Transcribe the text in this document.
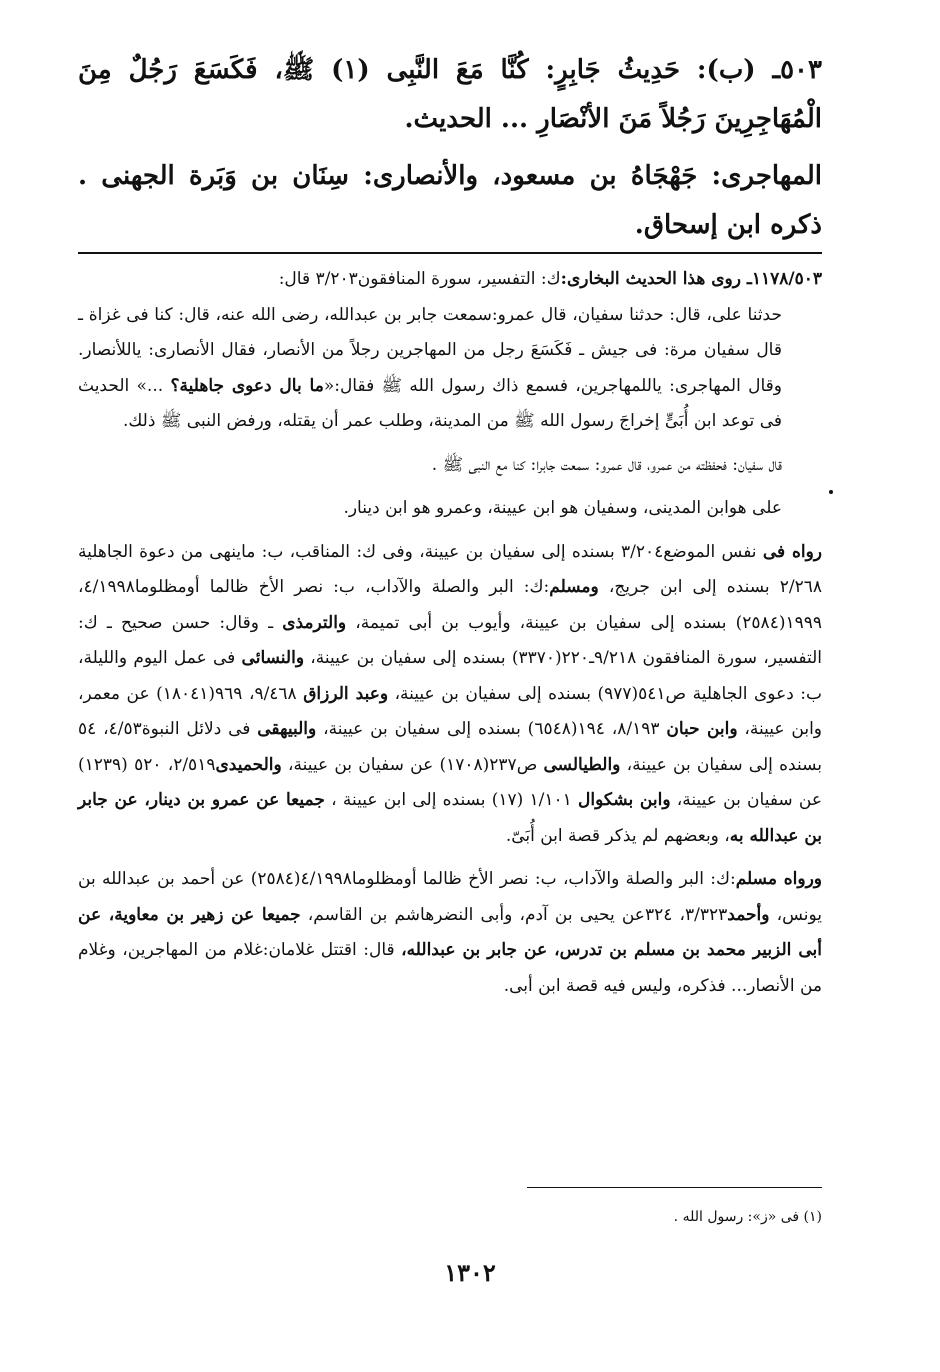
٥٠٣ـ (ب): حَدِيثُ جَابِرٍ: كُنَّا مَعَ النَّبِى (١) ﷺ، فَكَسَعَ رَجُلٌ مِنَ الْمُهَاجِرِينَ رَجُلاً مَنَ الأنْصَارِ ... الحديث.

المهاجرى: جَهْجَاهُ بن مسعود، والأنصارى: سِنَان بن وَبَرة الجهنى . ذكره ابن إسحاق.

١١٧٨/٥٠٣ـ روى هذا الحديث البخارى:ك: التفسير، سورة المنافقون٣/٢٠٣ قال:

حدثنا على، قال: حدثنا سفيان، قال عمرو:سمعت جابر بن عبدالله، رضى الله عنه، قال: كنا فى غزاة ـ قال سفيان مرة: فى جيش ـ فَكَسَعَ رجل من المهاجرين رجلاً من الأنصار، فقال الأنصارى: ياللأنصار. وقال المهاجرى: ياللمهاجرين، فسمع ذاك رسول الله ﷺ فقال:«ما بال دعوى جاهلية؟ ...» الحديث فى توعد ابن أُبَىٍّ إخراجَ رسول الله ﷺ من المدينة، وطلب عمر أن يقتله، ورفض النبى ﷺ ذلك.

قال سفيان: فحفظته من عمرو، قال عمرو: سمعت جابرا: كنا مع النبى ﷺ .

على هوابن المدينى، وسفيان هو ابن عيينة، وعمرو هو ابن دينار.

رواه فى نفس الموضع٣/٢٠٤ بسنده إلى سفيان بن عيينة، وفى ك: المناقب، ب: ماينهى من دعوة الجاهلية ٢/٢٦٨ بسنده إلى ابن جريج، ومسلم:ك: البر والصلة والآداب، ب: نصر الأخ ظالما أومظلوما٤/١٩٩٨، ١٩٩٩(٢٥٨٤) بسنده إلى سفيان بن عيينة، وأيوب بن أبى تميمة، والترمذى ـ وقال: حسن صحيح ـ ك: التفسير، سورة المنافقون ٩/٢١٨ـ٢٢٠(٣٣٧٠) بسنده إلى سفيان بن عيينة، والنسائى فى عمل اليوم والليلة، ب: دعوى الجاهلية ص٥٤١(٩٧٧) بسنده إلى سفيان بن عيينة، وعبد الرزاق ٩/٤٦٨، ٩٦٩(١٨٠٤١) عن معمر، وابن عيينة، وابن حبان ٨/١٩٣، ١٩٤(٦٥٤٨) بسنده إلى سفيان بن عيينة، والبيهقى فى دلائل النبوة٤/٥٣، ٥٤ بسنده إلى سفيان بن عيينة، والطيالسى ص٢٣٧(١٧٠٨) عن سفيان بن عيينة، والحميدى٢/٥١٩، ٥٢٠ (١٢٣٩) عن سفيان بن عيينة، وابن بشكوال ١/١٠١ (١٧) بسنده إلى ابن عيينة ، جميعا عن عمرو بن دينار، عن جابر بن عبدالله به، وبعضهم لم يذكر قصة ابن أُبَىّ.

ورواه مسلم:ك: البر والصلة والآداب، ب: نصر الأخ ظالما أومظلوما٤/١٩٩٨(٢٥٨٤) عن أحمد بن عبدالله بن يونس، وأحمد٣/٣٢٣، ٣٢٤عن يحيى بن آدم، وأبى النضرهاشم بن القاسم، جميعا عن زهير بن معاوية، عن أبى الزبير محمد بن مسلم بن تدرس، عن جابر بن عبدالله، قال: اقتتل غلامان:غلام من المهاجرين، وغلام من الأنصار... فذكره، وليس فيه قصة ابن أبى.

(١) فى «ز»: رسول الله .
١٣٠٢
